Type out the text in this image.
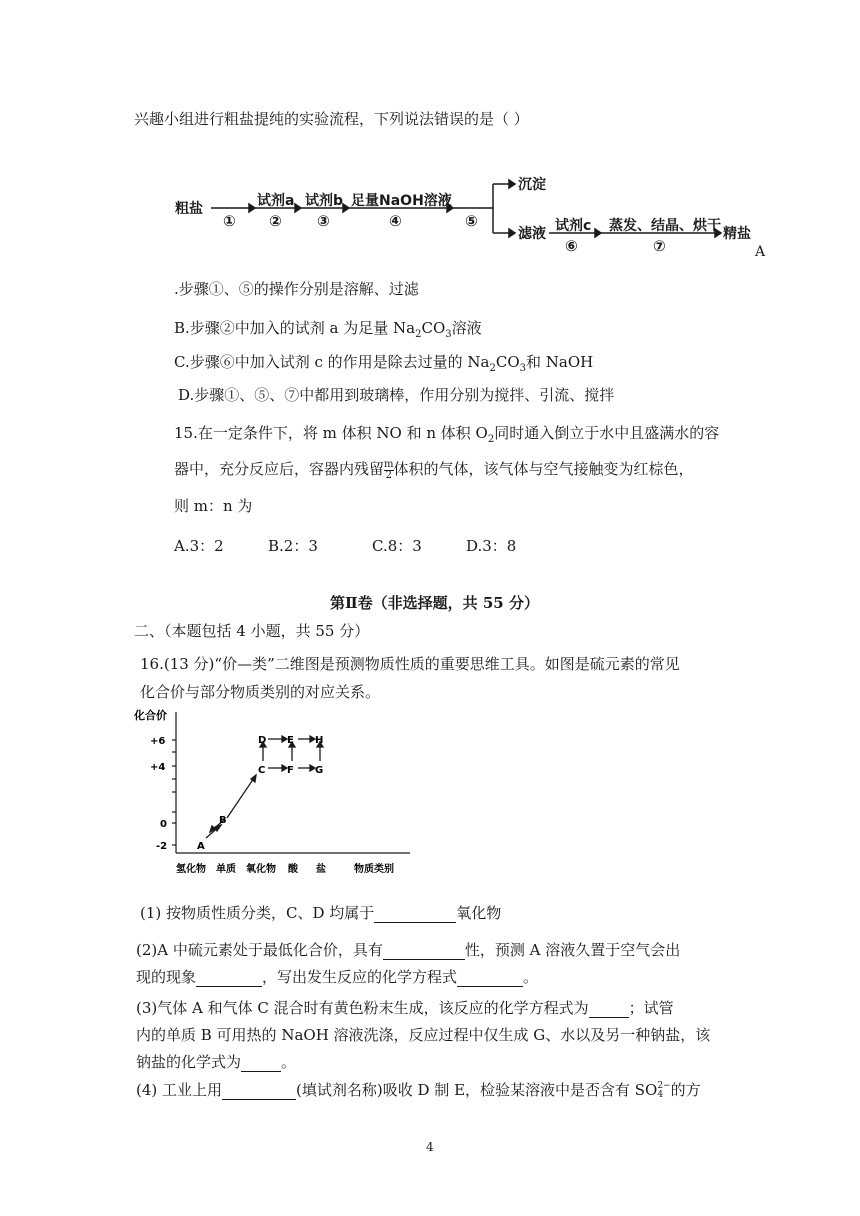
兴趣小组进行粗盐提纯的实验流程，下列说法错误的是（ ）
粗盐
①
试剂a
②
试剂b
③
足量NaOH溶液
④	⑤
沉淀
滤液 试剂c
⑥
蒸发、结晶、烘干
⑦
精盐
A
.步骤①、⑤的操作分别是溶解、过滤
B.步骤②中加入的试剂 a 为足量 $Na_2CO_3$溶液
C.步骤⑥中加入试剂 c 的作用是除去过量的 $Na_2CO_3$和 NaOH
D.步骤①、⑤、⑦中都用到玻璃棒，作用分别为搅拌、引流、搅拌
15.在一定条件下，将 m 体积 NO 和 n 体积 $O_2$同时通入倒立于水中且盛满水的容
器中，充分反应后，容器内残留 $\frac{m}{2}$ 体积的气体，该气体与空气接触变为红棕色，
则 m：n 为
A.3：2	B.2：3	C.8：3	D.3：8
第Ⅱ卷（非选择题，共 55 分）
二、（本题包括 4 小题，共 55 分）
16.(13 分)“价—类”二维图是预测物质性质的重要思维工具。如图是硫元素的常见
化合价与部分物质类别的对应关系。
化合价
+6
+4
0
-2	A
B
C
D E
F G
H
氢化物 单质 氧化物 酸 盐	物质类别
(1) 按物质性质分类，C、D 均属于	氧化物
(2)A 中硫元素处于最低化合价，具有	性，预测 A 溶液久置于空气会出
现的现象	，写出发生反应的化学方程式	。
(3)气体 A 和气体 C 混合时有黄色粉末生成，该反应的化学方程式为	；试管
内的单质 B 可用热的 NaOH 溶液洗涤，反应过程中仅生成 G、水以及另一种钠盐，该
钠盐的化学式为	。
(4) 工业上用	(填试剂名称)吸收 D 制 E，检验某溶液中是否含有 SO 2−
4 的方
4
